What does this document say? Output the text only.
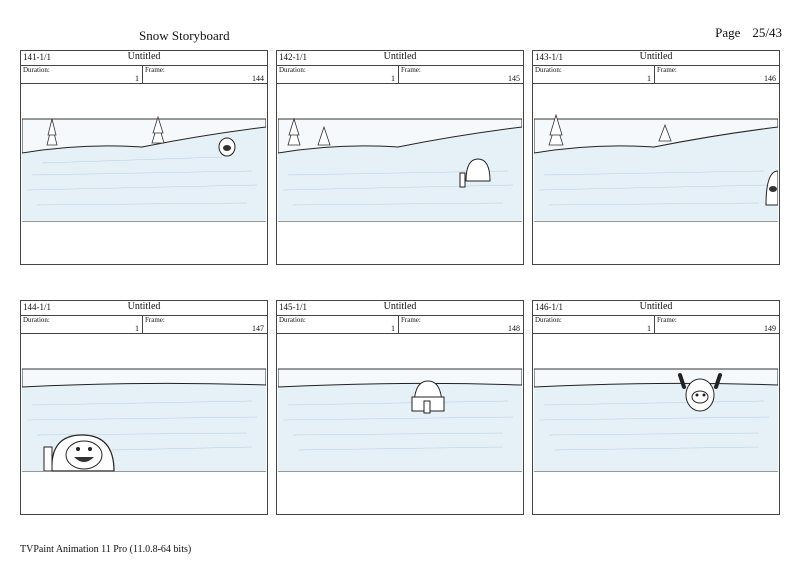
Snow Storyboard	Page 25/43
141-1/1	Untitled
Duration:
1
Frame:
144
142-1/1	Untitled
Duration:
1
Frame:
145
143-1/1	Untitled
Duration:
1
Frame:
146
144-1/1	Untitled
Duration:
1
Frame:
147
145-1/1	Untitled
Duration:
1
Frame:
148
146-1/1	Untitled
Duration:
1
Frame:
149
TVPaint Animation 11 Pro (11.0.8-64 bits)
